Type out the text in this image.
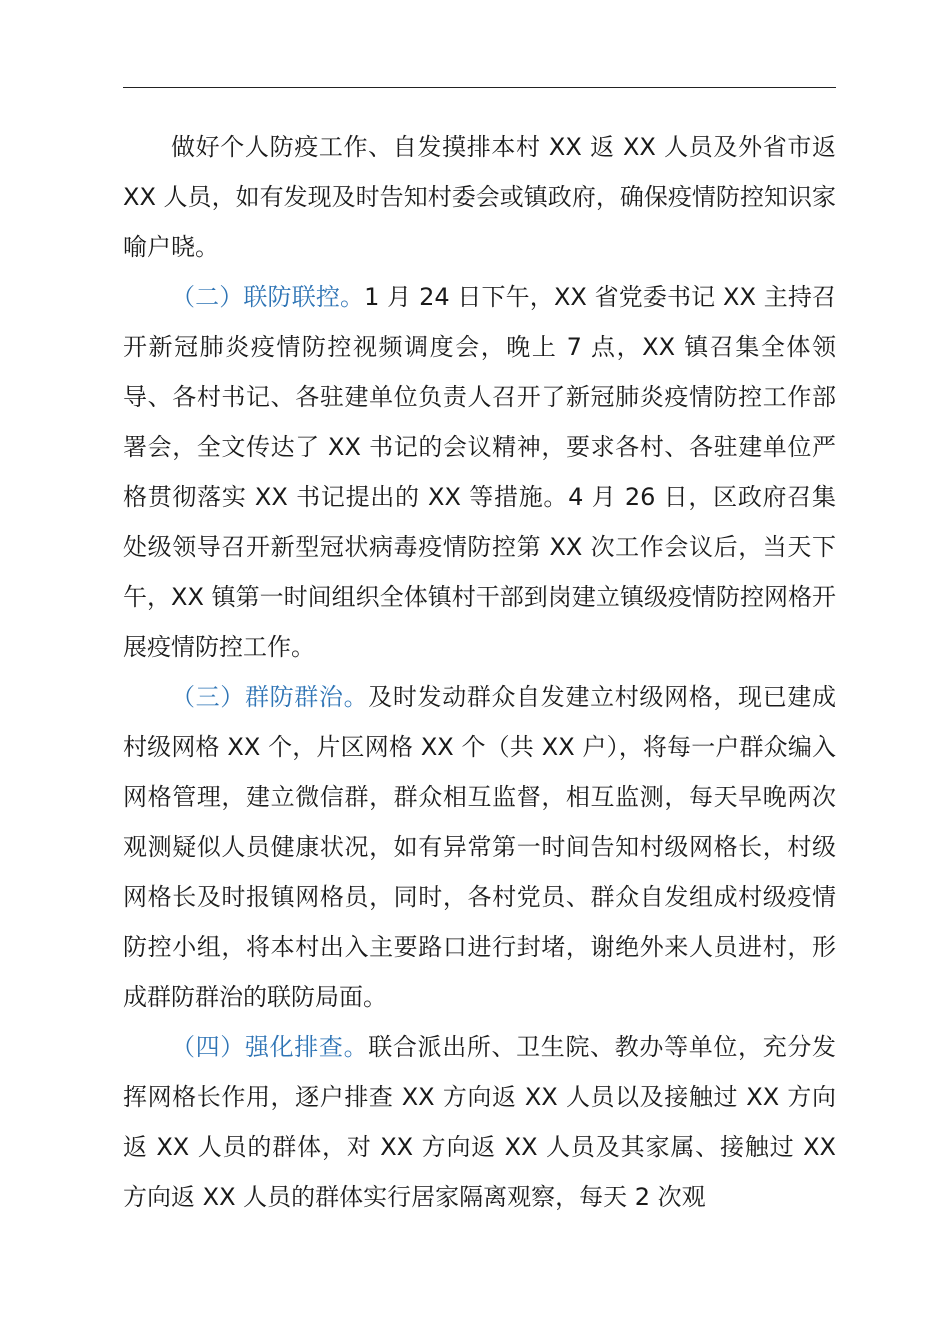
做好个人防疫工作、自发摸排本村 XX 返 XX 人员及外省市返 XX 人员，如有发现及时告知村委会或镇政府，确保疫情防控知识家喻户晓。

（二）联防联控。1 月 24 日下午，XX 省党委书记 XX 主持召开新冠肺炎疫情防控视频调度会，晚上 7 点，XX 镇召集全体领导、各村书记、各驻建单位负责人召开了新冠肺炎疫情防控工作部署会，全文传达了 XX 书记的会议精神，要求各村、各驻建单位严格贯彻落实 XX 书记提出的 XX 等措施。4 月 26 日，区政府召集处级领导召开新型冠状病毒疫情防控第 XX 次工作会议后，当天下午，XX 镇第一时间组织全体镇村干部到岗建立镇级疫情防控网格开展疫情防控工作。

（三）群防群治。及时发动群众自发建立村级网格，现已建成村级网格 XX 个，片区网格 XX 个（共 XX 户），将每一户群众编入网格管理，建立微信群，群众相互监督，相互监测，每天早晚两次观测疑似人员健康状况，如有异常第一时间告知村级网格长，村级网格长及时报镇网格员，同时，各村党员、群众自发组成村级疫情防控小组，将本村出入主要路口进行封堵，谢绝外来人员进村，形成群防群治的联防局面。

（四）强化排查。联合派出所、卫生院、教办等单位，充分发挥网格长作用，逐户排查 XX 方向返 XX 人员以及接触过 XX 方向返 XX 人员的群体，对 XX 方向返 XX 人员及其家属、接触过 XX 方向返 XX 人员的群体实行居家隔离观察，每天 2 次观
